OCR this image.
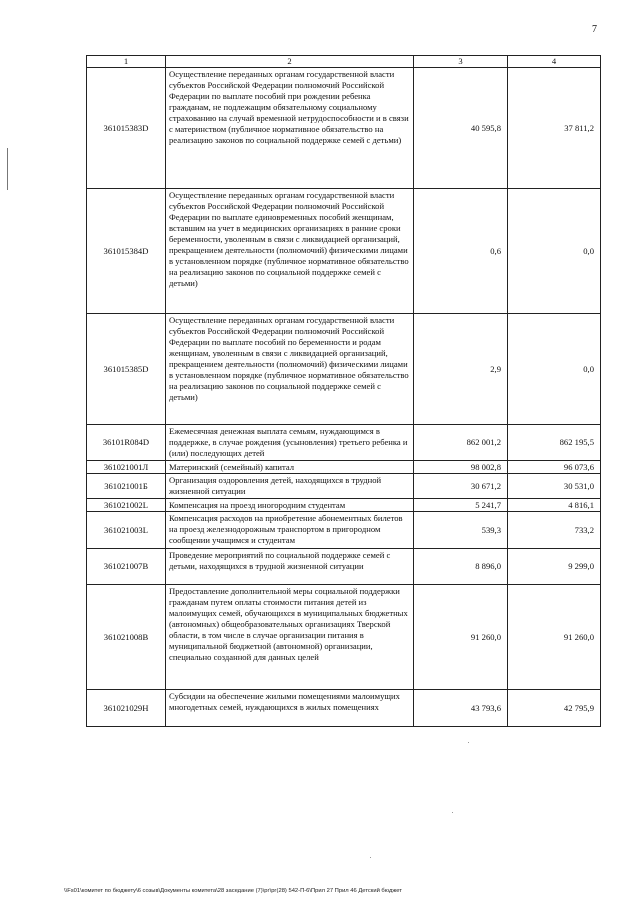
7
1	2	3	4
361015383D	Осуществление переданных органам государственной власти субъектов Российской Федерации полномочий Российской Федерации по выплате пособий при рождении ребенка гражданам, не подлежащим обязательному социальному страхованию на случай временной нетрудоспособности и в связи с материнством (публичное нормативное обязательство на реализацию законов по социальной поддержке семей с детьми)	40 595,8	37 811,2
361015384D	Осуществление переданных органам государственной власти субъектов Российской Федерации полномочий Российской Федерации по выплате единовременных пособий женщинам, вставшим на учет в медицинских организациях в ранние сроки беременности, уволенным в связи с ликвидацией организаций, прекращением деятельности (полномочий) физическими лицами в установленном порядке (публичное нормативное обязательство на реализацию законов по социальной поддержке семей с детьми)	0,6	0,0
361015385D	Осуществление переданных органам государственной власти субъектов Российской Федерации полномочий Российской Федерации по выплате пособий по беременности и родам женщинам, уволенным в связи с ликвидацией организаций, прекращением деятельности (полномочий) физическими лицами в установленном порядке (публичное нормативное обязательство на реализацию законов по социальной поддержке семей с детьми)	2,9	0,0
36101R084D	Ежемесячная денежная выплата семьям, нуждающимся в поддержке, в случае рождения (усыновления) третьего ребенка и (или) последующих детей	862 001,2	862 195,5
361021001Л	Материнский (семейный) капитал	98 002,8	96 073,6
361021001Б	Организация оздоровления детей, находящихся в трудной жизненной ситуации	30 671,2	30 531,0
361021002L	Компенсация на проезд иногородним студентам	5 241,7	4 816,1
361021003L	Компенсация расходов на приобретение абонементных билетов на проезд железнодорожным транспортом в пригородном сообщении учащимся и студентам	539,3	733,2
361021007В	Проведение мероприятий по социальной поддержке семей с детьми, находящихся в трудной жизненной ситуации	8 896,0	9 299,0
361021008В	Предоставление дополнительной меры социальной поддержки гражданам путем оплаты стоимости питания детей из малоимущих семей, обучающихся в муниципальных бюджетных (автономных) общеобразовательных организациях Тверской области, в том числе в случае организации питания в муниципальной бюджетной (автономной) организации, специально созданной для данных целей	91 260,0	91 260,0
361021029Н	Субсидии на обеспечение жилыми помещениями малоимущих многодетных семей, нуждающихся в жилых помещениях	43 793,6	42 795,9
\\Fs01\комитет по бюджету\6 созыв\Документы комитета\28 заседание (7)\рг\рг(28) 542-П-6\Прил 27 Прил 46 Детский бюджет
